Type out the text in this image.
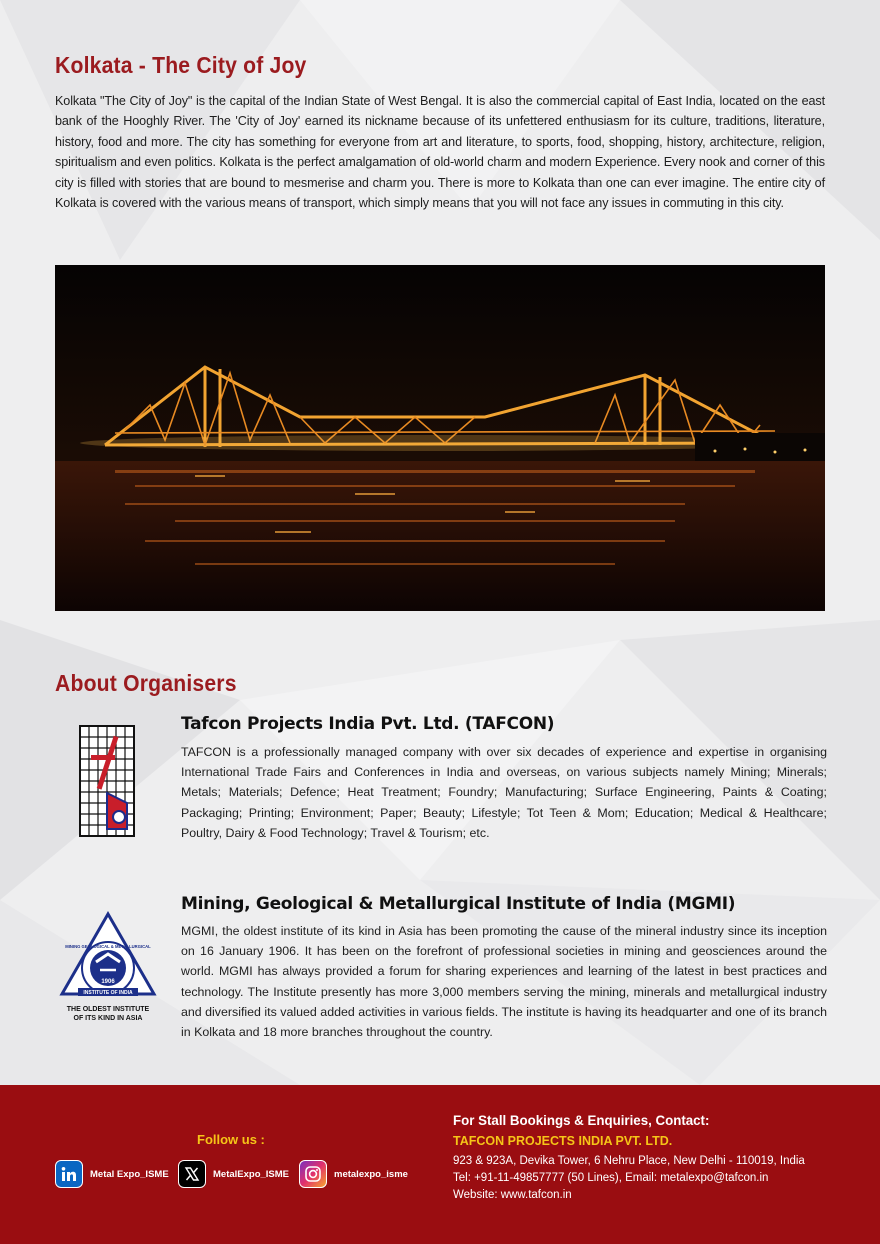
Kolkata - The City of Joy
Kolkata "The City of Joy" is the capital of the Indian State of West Bengal. It is also the commercial capital of East India, located on the east bank of the Hooghly River. The 'City of Joy' earned its nickname because of its unfettered enthusiasm for its culture, traditions, literature, history, food and more. The city has something for everyone from art and literature, to sports, food, shopping, history, architecture, religion, spiritualism and even politics. Kolkata is the perfect amalgamation of old-world charm and modern Experience. Every nook and corner of this city is filled with stories that are bound to mesmerise and charm you. There is more to Kolkata than one can ever imagine. The entire city of Kolkata is covered with the various means of transport, which simply means that you will not face any issues in commuting in this city.
About Organisers
Tafcon Projects India Pvt. Ltd. (TAFCON)
TAFCON is a professionally managed company with over six decades of experience and expertise in organising International Trade Fairs and Conferences in India and overseas, on various subjects namely Mining; Minerals; Metals; Materials; Defence; Heat Treatment; Foundry; Manufacturing; Surface Engineering, Paints & Coating; Packaging; Printing; Environment; Paper; Beauty; Lifestyle; Tot Teen & Mom; Education; Medical & Healthcare; Poultry, Dairy & Food Technology; Travel & Tourism; etc.
1906
MINING GEOLOGICAL & METALLURGICAL
INSTITUTE OF INDIA
THE OLDEST INSTITUTE
OF ITS KIND IN ASIA
Mining, Geological & Metallurgical Institute of India (MGMI)
MGMI, the oldest institute of its kind in Asia has been promoting the cause of the mineral industry since its inception on 16 January 1906. It has been on the forefront of professional societies in mining and geosciences around the world. MGMI has always provided a forum for sharing experiences and learning of the latest in best practices and technology. The Institute presently has more 3,000 members serving the mining, minerals and metallurgical industry and diversified its valued added activities in various fields. The institute is having its headquarter and one of its branch in Kolkata and 18 more branches throughout the country.
Follow us :
Metal Expo_ISME	MetalExpo_ISME	metalexpo_isme
For Stall Bookings & Enquiries, Contact:
TAFCON PROJECTS INDIA PVT. LTD.
923 & 923A, Devika Tower, 6 Nehru Place, New Delhi - 110019, India
Tel: +91-11-49857777 (50 Lines), Email: metalexpo@tafcon.in
Website: www.tafcon.in
